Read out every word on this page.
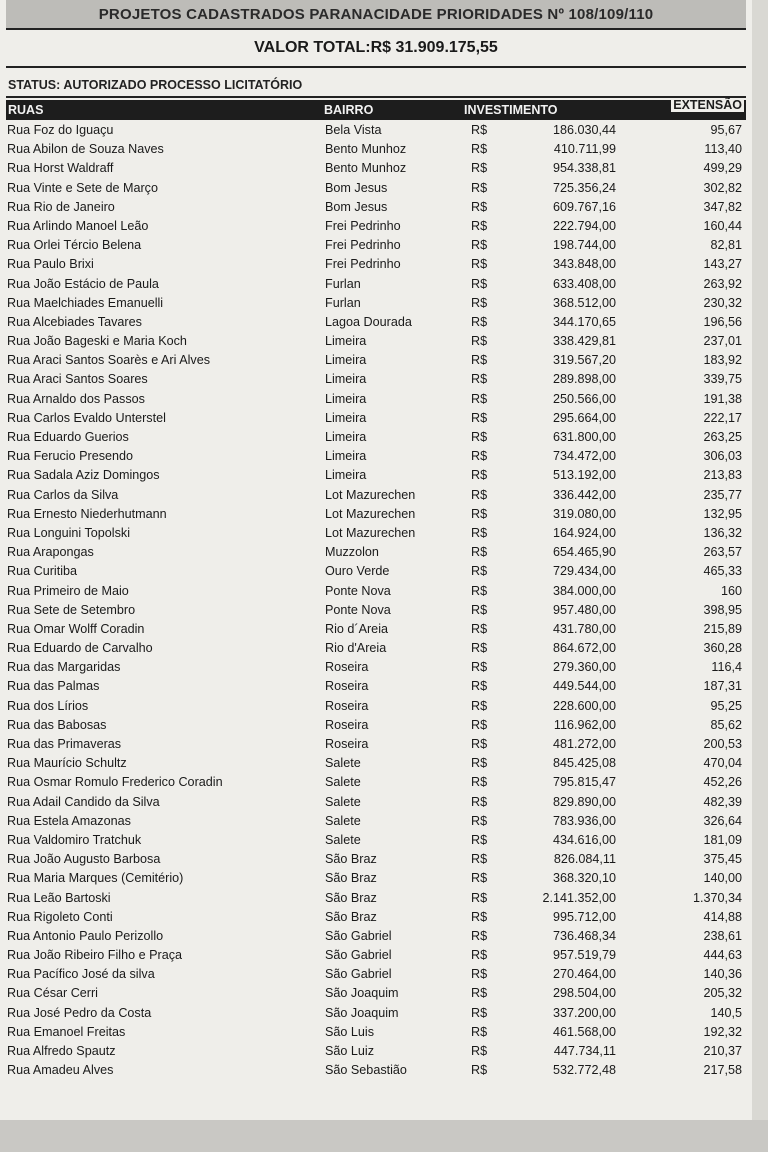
PROJETOS CADASTRADOS PARANACIDADE PRIORIDADES Nº 108/109/110
VALOR TOTAL:R$ 31.909.175,55
STATUS: AUTORIZADO PROCESSO LICITATÓRIO
RUAS	BAIRRO	INVESTIMENTO	EXTENSÃO
Rua Foz do Iguaçu	Bela Vista	R$	186.030,44	95,67
Rua Abilon de Souza Naves	Bento Munhoz	R$	410.711,99	113,40
Rua Horst Waldraff	Bento Munhoz	R$	954.338,81	499,29
Rua Vinte e Sete de Março	Bom Jesus	R$	725.356,24	302,82
Rua Rio de Janeiro	Bom Jesus	R$	609.767,16	347,82
Rua Arlindo Manoel Leão	Frei Pedrinho	R$	222.794,00	160,44
Rua Orlei Tércio Belena	Frei Pedrinho	R$	198.744,00	82,81
Rua Paulo Brixi	Frei Pedrinho	R$	343.848,00	143,27
Rua João Estácio de Paula	Furlan	R$	633.408,00	263,92
Rua Maelchiades Emanuelli	Furlan	R$	368.512,00	230,32
Rua Alcebiades Tavares	Lagoa Dourada	R$	344.170,65	196,56
Rua João Bageski e Maria Koch	Limeira	R$	338.429,81	237,01
Rua Araci Santos Soarès e Ari Alves	Limeira	R$	319.567,20	183,92
Rua Araci Santos Soares	Limeira	R$	289.898,00	339,75
Rua Arnaldo dos Passos	Limeira	R$	250.566,00	191,38
Rua Carlos Evaldo Unterstel	Limeira	R$	295.664,00	222,17
Rua Eduardo Guerios	Limeira	R$	631.800,00	263,25
Rua Ferucio Presendo	Limeira	R$	734.472,00	306,03
Rua Sadala Aziz Domingos	Limeira	R$	513.192,00	213,83
Rua Carlos da Silva	Lot Mazurechen	R$	336.442,00	235,77
Rua Ernesto Niederhutmann	Lot Mazurechen	R$	319.080,00	132,95
Rua Longuini Topolski	Lot Mazurechen	R$	164.924,00	136,32
Rua Arapongas	Muzzolon	R$	654.465,90	263,57
Rua Curitiba	Ouro Verde	R$	729.434,00	465,33
Rua Primeiro de Maio	Ponte Nova	R$	384.000,00	160
Rua Sete de Setembro	Ponte Nova	R$	957.480,00	398,95
Rua Omar Wolff Coradin	Rio d´Areia	R$	431.780,00	215,89
Rua Eduardo de Carvalho	Rio d'Areia	R$	864.672,00	360,28
Rua das Margaridas	Roseira	R$	279.360,00	116,4
Rua das Palmas	Roseira	R$	449.544,00	187,31
Rua dos Lírios	Roseira	R$	228.600,00	95,25
Rua das Babosas	Roseira	R$	116.962,00	85,62
Rua das Primaveras	Roseira	R$	481.272,00	200,53
Rua Maurício Schultz	Salete	R$	845.425,08	470,04
Rua Osmar Romulo Frederico Coradin	Salete	R$	795.815,47	452,26
Rua Adail Candido da Silva	Salete	R$	829.890,00	482,39
Rua Estela Amazonas	Salete	R$	783.936,00	326,64
Rua Valdomiro Tratchuk	Salete	R$	434.616,00	181,09
Rua João Augusto Barbosa	São Braz	R$	826.084,11	375,45
Rua Maria Marques (Cemitério)	São Braz	R$	368.320,10	140,00
Rua Leão Bartoski	São Braz	R$	2.141.352,00	1.370,34
Rua Rigoleto Conti	São Braz	R$	995.712,00	414,88
Rua Antonio Paulo Perizollo	São Gabriel	R$	736.468,34	238,61
Rua João Ribeiro Filho e Praça	São Gabriel	R$	957.519,79	444,63
Rua Pacífico José da silva	São Gabriel	R$	270.464,00	140,36
Rua César Cerri	São Joaquim	R$	298.504,00	205,32
Rua José Pedro da Costa	São Joaquim	R$	337.200,00	140,5
Rua Emanoel Freitas	São Luis	R$	461.568,00	192,32
Rua Alfredo Spautz	São Luiz	R$	447.734,11	210,37
Rua Amadeu Alves	São Sebastião	R$	532.772,48	217,58
